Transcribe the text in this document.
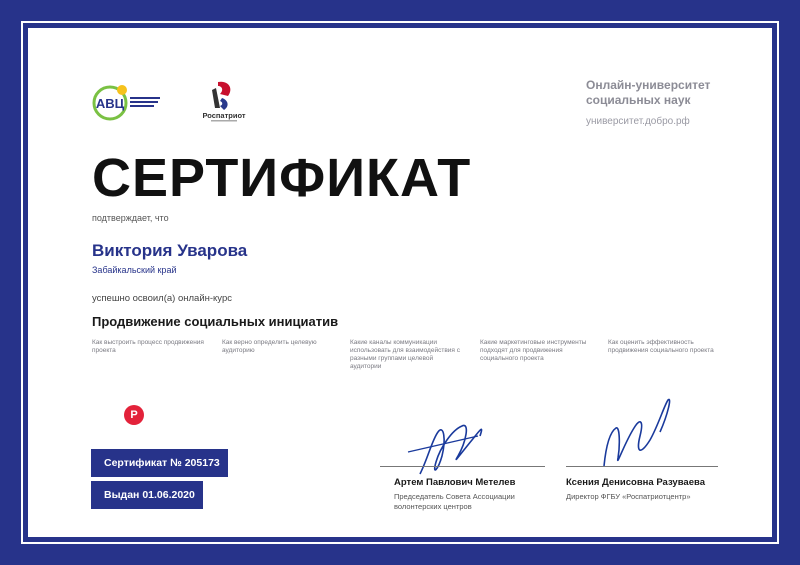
АВЦ
Роспатриот
Онлайн-университет социальных наук
университет.добро.рф
СЕРТИФИКАТ
подтверждает, что
Виктория Уварова
Забайкальский край
успешно освоил(а) онлайн-курс
Продвижение социальных инициатив
Как выстроить процесс продвижения проекта
Как верно определить целевую аудиторию
Какие каналы коммуникации использовать для взаимодействия с разными группами целевой аудитории
Какие маркетинговые инструменты подходят для продвижения социального проекта
Как оценить эффективность продвижения социального проекта
Р
Сертификат № 205173
Выдан 01.06.2020
Артем Павлович Метелев
Председатель Совета Ассоциации волонтерских центров
Ксения Денисовна Разуваева
Директор ФГБУ «Роспатриотцентр»
